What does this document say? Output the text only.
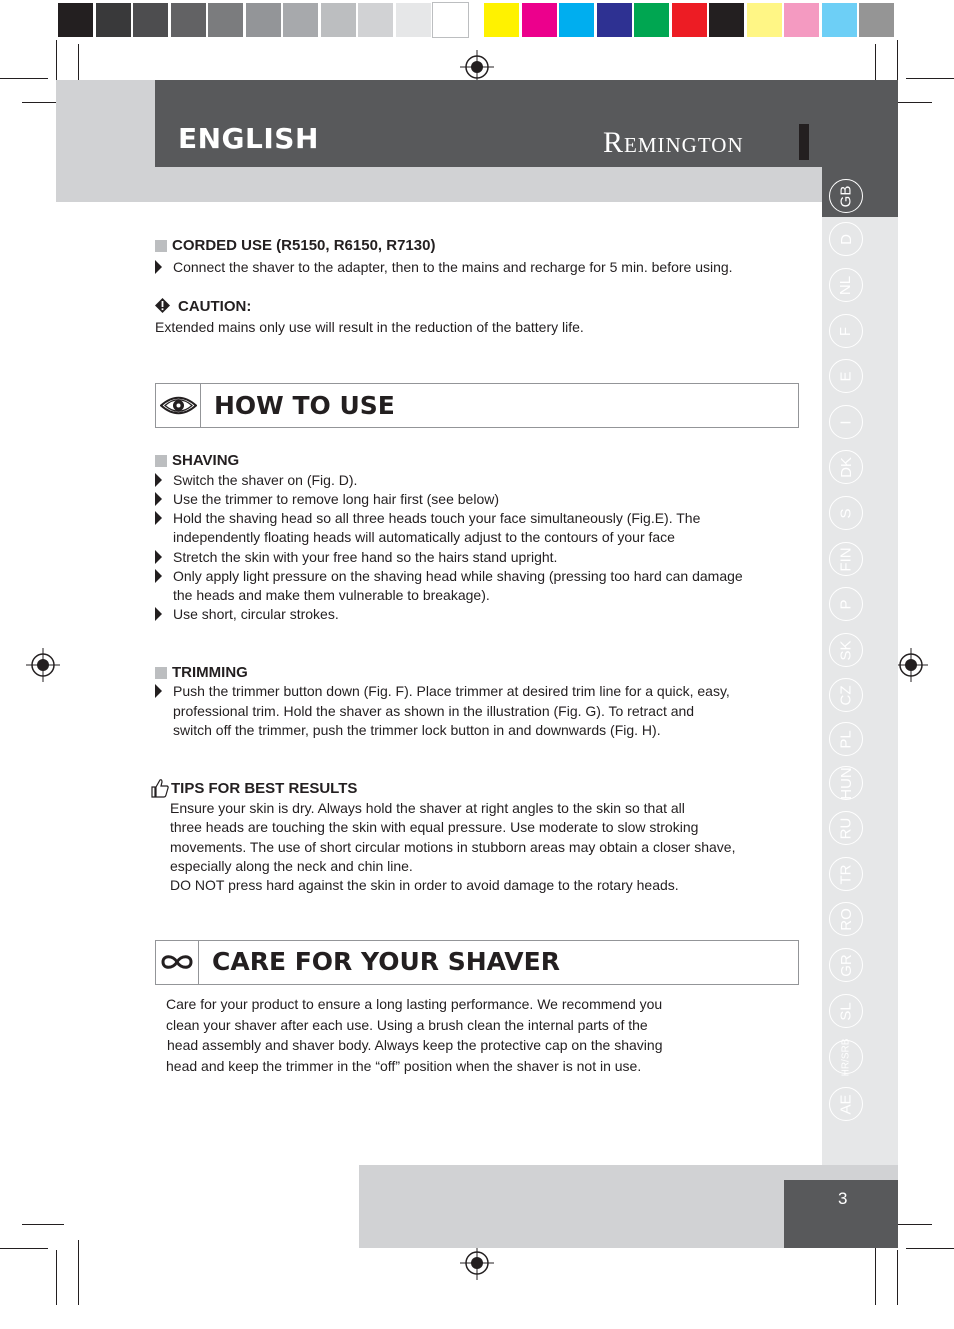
ENGLISH	Remington
GB
D
NL
F
E
I
DK
S
FIN
P
SK
CZ
PL
HUN
RU
TR
RO
GR
SL
HR/SRB
AE
3
CORDED USE (R5150, R6150, R7130)
Connect the shaver to the adapter, then to the mains and recharge for 5 min. before using.
CAUTION:
Extended mains only use will result in the reduction of the battery life.
HOW TO USE
SHAVING
Switch the shaver on (Fig. D).
Use the trimmer to remove long hair first (see below)
Hold the shaving head so all three heads touch your face simultaneously (Fig.E). The
independently floating heads will automatically adjust to the contours of your face
Stretch the skin with your free hand so the hairs stand upright.
Only apply light pressure on the shaving head while shaving (pressing too hard can damage
the heads and make them vulnerable to breakage).
Use short, circular strokes.
TRIMMING
Push the trimmer button down (Fig. F). Place trimmer at desired trim line for a quick, easy,
professional trim. Hold the shaver as shown in the illustration (Fig. G). To retract and
switch off the trimmer, push the trimmer lock button in and downwards (Fig. H).
TIPS FOR BEST RESULTS
Ensure your skin is dry. Always hold the shaver at right angles to the skin so that all
three heads are touching the skin with equal pressure. Use moderate to slow stroking
movements. The use of short circular motions in stubborn areas may obtain a closer shave,
especially along the neck and chin line.
DO NOT press hard against the skin in order to avoid damage to the rotary heads.
CARE FOR YOUR SHAVER
Care for your product to ensure a long lasting performance. We recommend you
clean your shaver after each use. Using a brush clean the internal parts of the
head assembly and shaver body. Always keep the protective cap on the shaving
head and keep the trimmer in the “off” position when the shaver is not in use.
